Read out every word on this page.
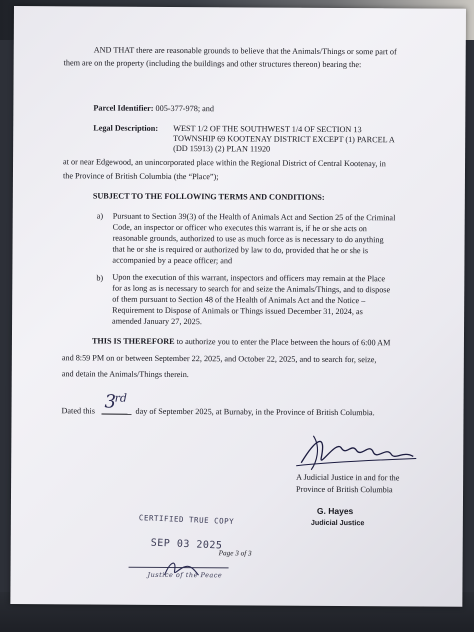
AND THAT there are reasonable grounds to believe that the Animals/Things or some part of them are on the property (including the buildings and other structures thereon) bearing the:
Parcel Identifier: 005-377-978; and
Legal Description: WEST 1/2 OF THE SOUTHWEST 1/4 OF SECTION 13
TOWNSHIP 69 KOOTENAY DISTRICT EXCEPT (1) PARCEL A
(DD 15913) (2) PLAN 11920
at or near Edgewood, an unincorporated place within the Regional District of Central Kootenay, in
the Province of British Columbia (the “Place”);
SUBJECT TO THE FOLLOWING TERMS AND CONDITIONS:
a) Pursuant to Section 39(3) of the Health of Animals Act and Section 25 of the Criminal
Code, an inspector or officer who executes this warrant is, if he or she acts on
reasonable grounds, authorized to use as much force as is necessary to do anything
that he or she is required or authorized by law to do, provided that he or she is
accompanied by a peace officer; and
b) Upon the execution of this warrant, inspectors and officers may remain at the Place
for as long as is necessary to search for and seize the Animals/Things, and to dispose
of them pursuant to Section 48 of the Health of Animals Act and the Notice –
Requirement to Dispose of Animals or Things issued December 31, 2024, as
amended January 27, 2025.
THIS IS THEREFORE to authorize you to enter the Place between the hours of 6:00 AM
and 8:59 PM on or between September 22, 2025, and October 22, 2025, and to search for, seize,
and detain the Animals/Things therein.
Dated this 3
rd
day of September 2025, at Burnaby, in the Province of British Columbia.
A Judicial Justice in and for the
Province of British Columbia
G. Hayes
Judicial Justice
CERTIFIED TRUE COPY
SEP 03 2025
Page 3 of 3
Justice of the Peace
